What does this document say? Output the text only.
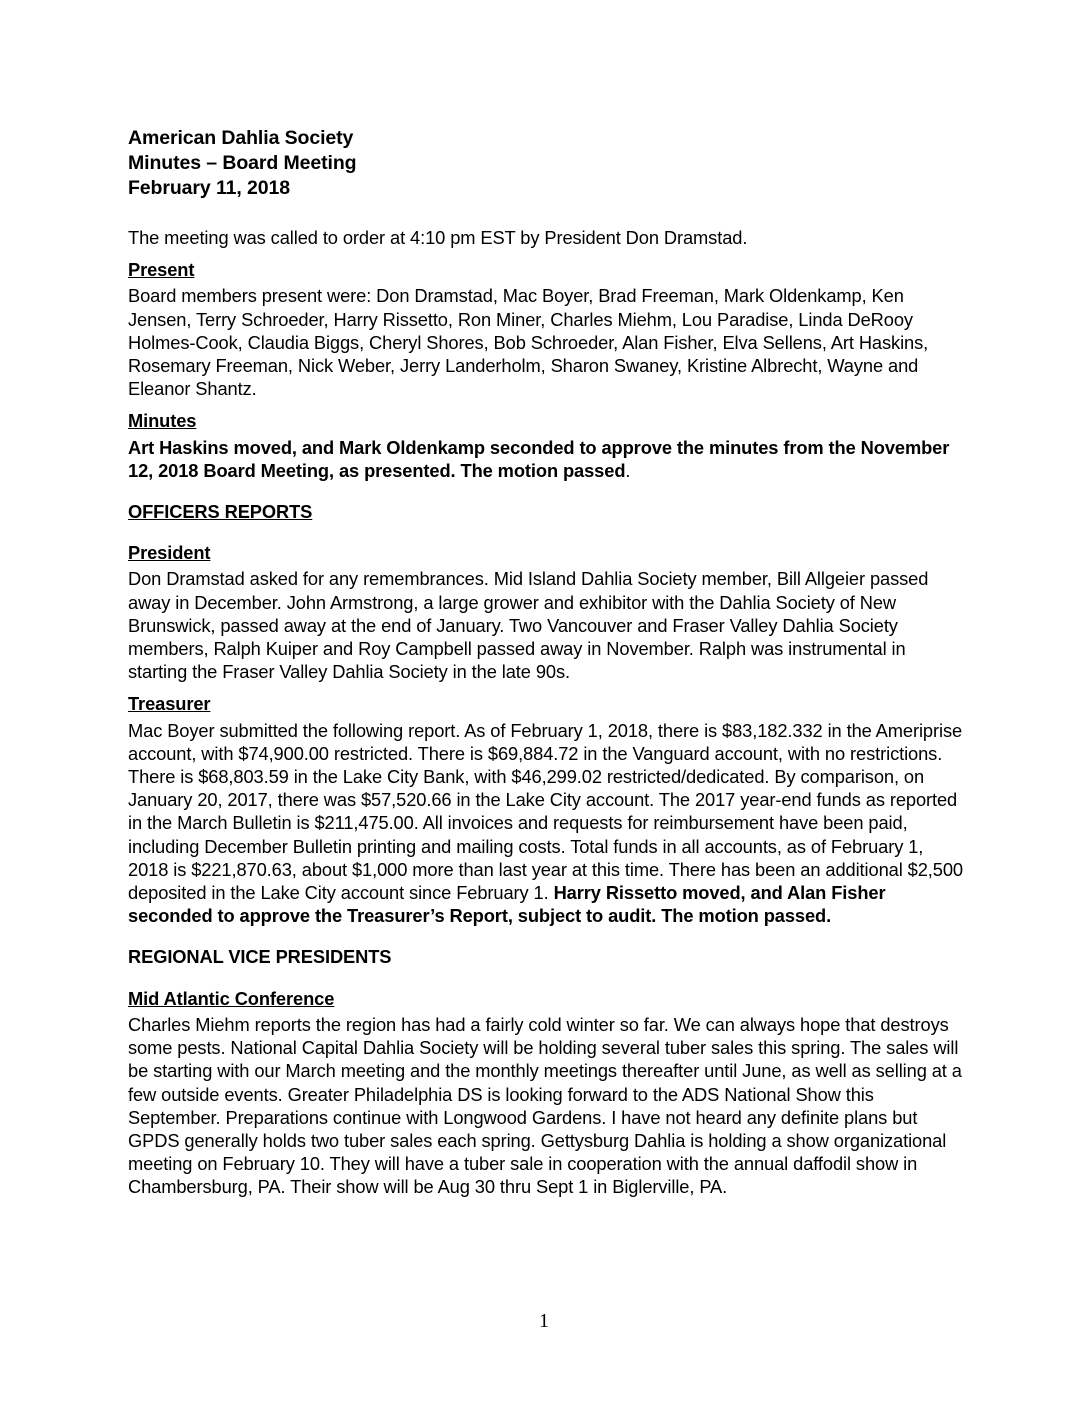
American Dahlia Society
Minutes – Board Meeting
February 11, 2018

The meeting was called to order at 4:10 pm EST by President Don Dramstad.

Present

Board members present were: Don Dramstad, Mac Boyer, Brad Freeman, Mark Oldenkamp, Ken Jensen, Terry Schroeder, Harry Rissetto, Ron Miner, Charles Miehm, Lou Paradise, Linda DeRooy Holmes-Cook, Claudia Biggs, Cheryl Shores, Bob Schroeder, Alan Fisher, Elva Sellens, Art Haskins, Rosemary Freeman, Nick Weber, Jerry Landerholm, Sharon Swaney, Kristine Albrecht, Wayne and Eleanor Shantz.

Minutes

Art Haskins moved, and Mark Oldenkamp seconded to approve the minutes from the November 12, 2018 Board Meeting, as presented. The motion passed.

OFFICERS REPORTS
President

Don Dramstad asked for any remembrances. Mid Island Dahlia Society member, Bill Allgeier passed away in December. John Armstrong, a large grower and exhibitor with the Dahlia Society of New Brunswick, passed away at the end of January. Two Vancouver and Fraser Valley Dahlia Society members, Ralph Kuiper and Roy Campbell passed away in November. Ralph was instrumental in starting the Fraser Valley Dahlia Society in the late 90s.

Treasurer

Mac Boyer submitted the following report. As of February 1, 2018, there is $83,182.332 in the Ameriprise account, with $74,900.00 restricted. There is $69,884.72 in the Vanguard account, with no restrictions. There is $68,803.59 in the Lake City Bank, with $46,299.02 restricted/dedicated. By comparison, on January 20, 2017, there was $57,520.66 in the Lake City account. The 2017 year-end funds as reported in the March Bulletin is $211,475.00. All invoices and requests for reimbursement have been paid, including December Bulletin printing and mailing costs. Total funds in all accounts, as of February 1, 2018 is $221,870.63, about $1,000 more than last year at this time. There has been an additional $2,500 deposited in the Lake City account since February 1. Harry Rissetto moved, and Alan Fisher seconded to approve the Treasurer’s Report, subject to audit. The motion passed.

REGIONAL VICE PRESIDENTS
Mid Atlantic Conference

Charles Miehm reports the region has had a fairly cold winter so far. We can always hope that destroys some pests. National Capital Dahlia Society will be holding several tuber sales this spring. The sales will be starting with our March meeting and the monthly meetings thereafter until June, as well as selling at a few outside events. Greater Philadelphia DS is looking forward to the ADS National Show this September. Preparations continue with Longwood Gardens. I have not heard any definite plans but GPDS generally holds two tuber sales each spring. Gettysburg Dahlia is holding a show organizational meeting on February 10. They will have a tuber sale in cooperation with the annual daffodil show in Chambersburg, PA. Their show will be Aug 30 thru Sept 1 in Biglerville, PA.

1
